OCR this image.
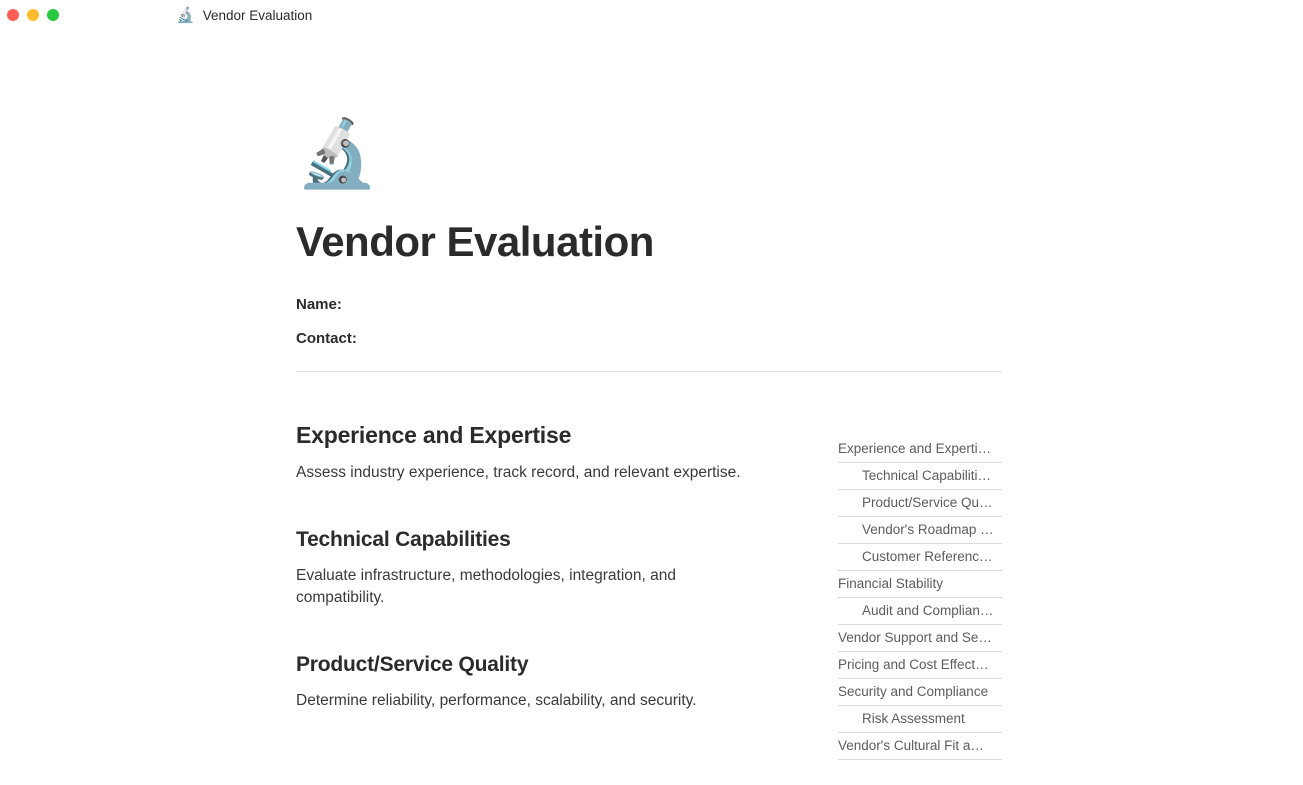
🔬 Vendor Evaluation
🔬
Vendor Evaluation
Name:
Contact:
Experience and Expertise

Assess industry experience, track record, and relevant expertise.

Technical Capabilities

Evaluate infrastructure, methodologies, integration, and compatibility.

Product/Service Quality

Determine reliability, performance, scalability, and security.

Experience and Experti…
Technical Capabiliti…
Product/Service Qu…
Vendor's Roadmap …
Customer Referenc…
Financial Stability
Audit and Complian…
Vendor Support and Se…
Pricing and Cost Effect…
Security and Compliance
Risk Assessment
Vendor's Cultural Fit a…
